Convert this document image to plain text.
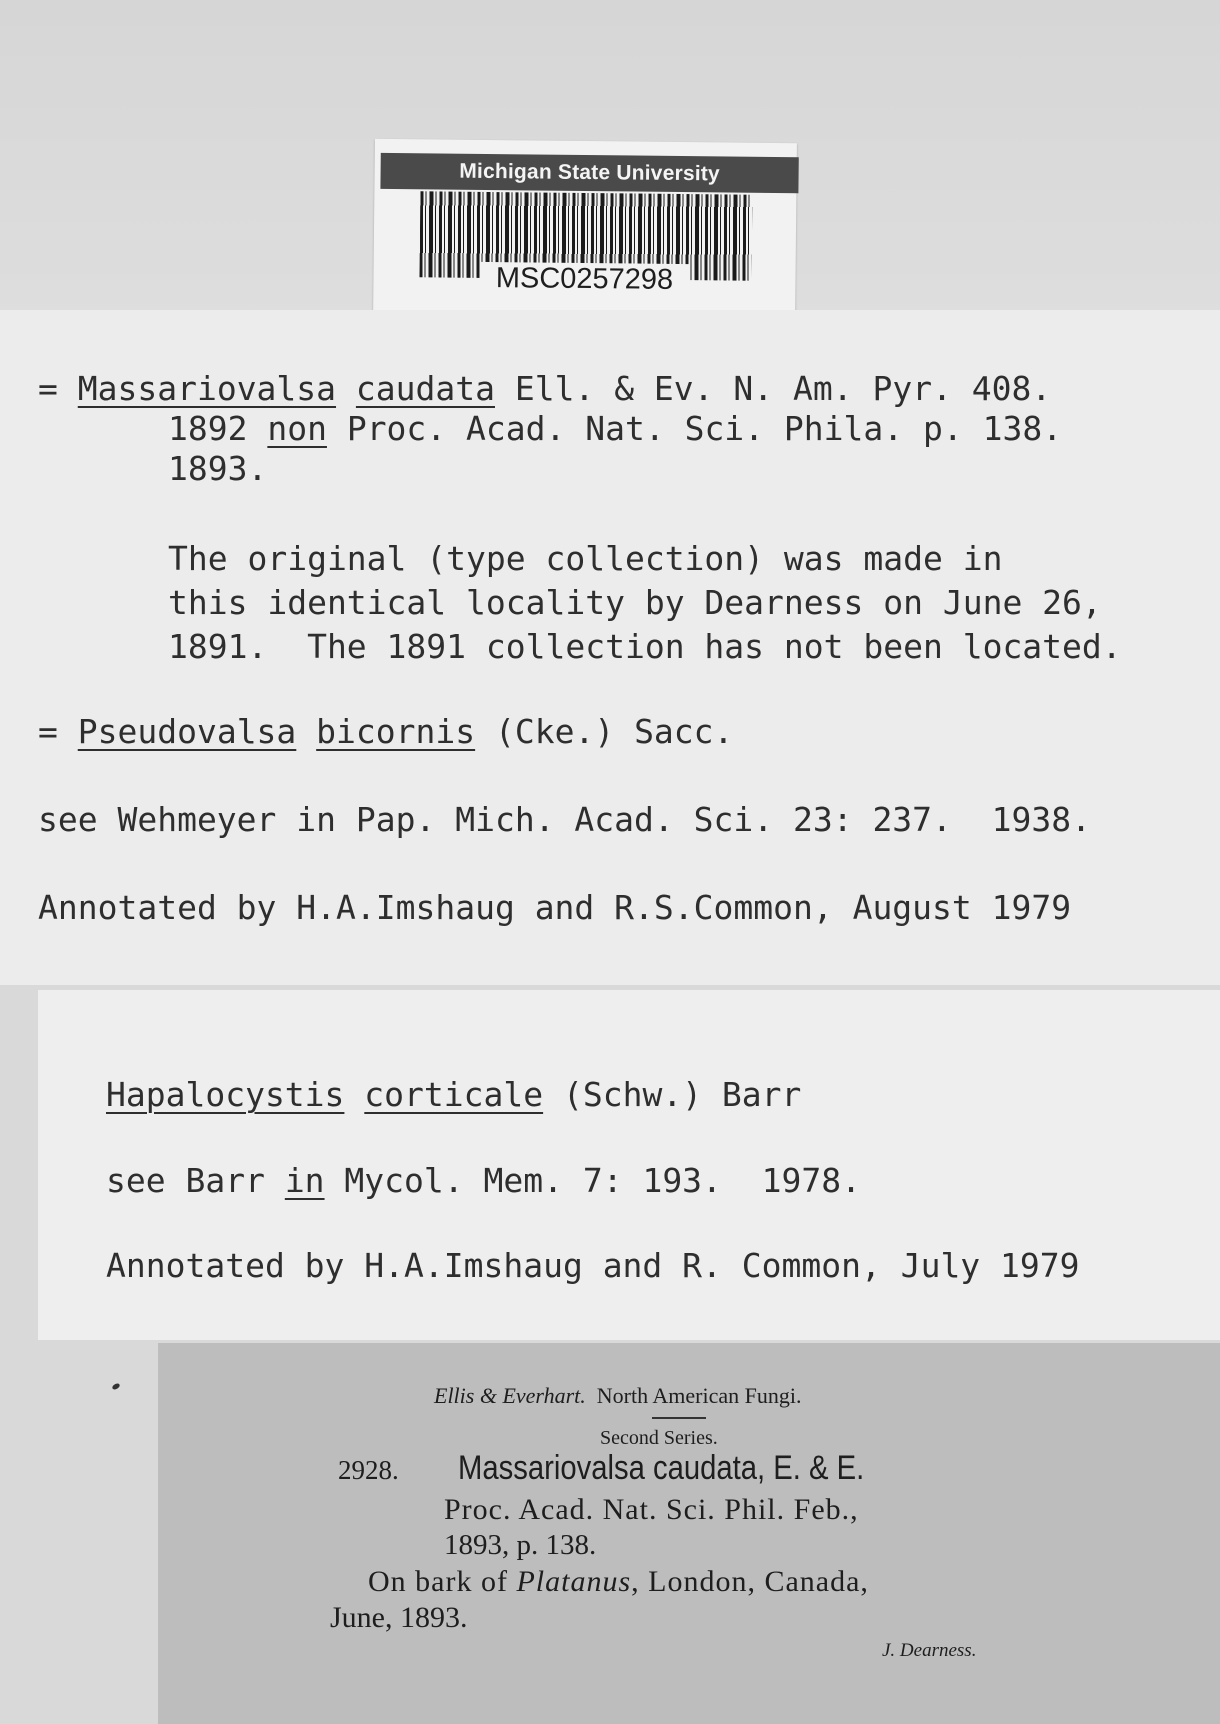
Michigan State University
MSC0257298
= Massariovalsa caudata Ell. & Ev. N. Am. Pyr. 408.
1892 non Proc. Acad. Nat. Sci. Phila. p. 138.
1893.
The original (type collection) was made in
this identical locality by Dearness on June 26,
1891.  The 1891 collection has not been located.
= Pseudovalsa bicornis (Cke.) Sacc.
see Wehmeyer in Pap. Mich. Acad. Sci. 23: 237.  1938.
Annotated by H.A.Imshaug and R.S.Common, August 1979
Hapalocystis corticale (Schw.) Barr
see Barr in Mycol. Mem. 7: 193.  1978.
Annotated by H.A.Imshaug and R. Common, July 1979
Ellis & Everhart. North American Fungi.
Second Series.
2928. Massariovalsa caudata, E. & E.
Proc. Acad. Nat. Sci. Phil. Feb.,
1893, p. 138.
On bark of Platanus, London, Canada,
June, 1893.
J. Dearness.
